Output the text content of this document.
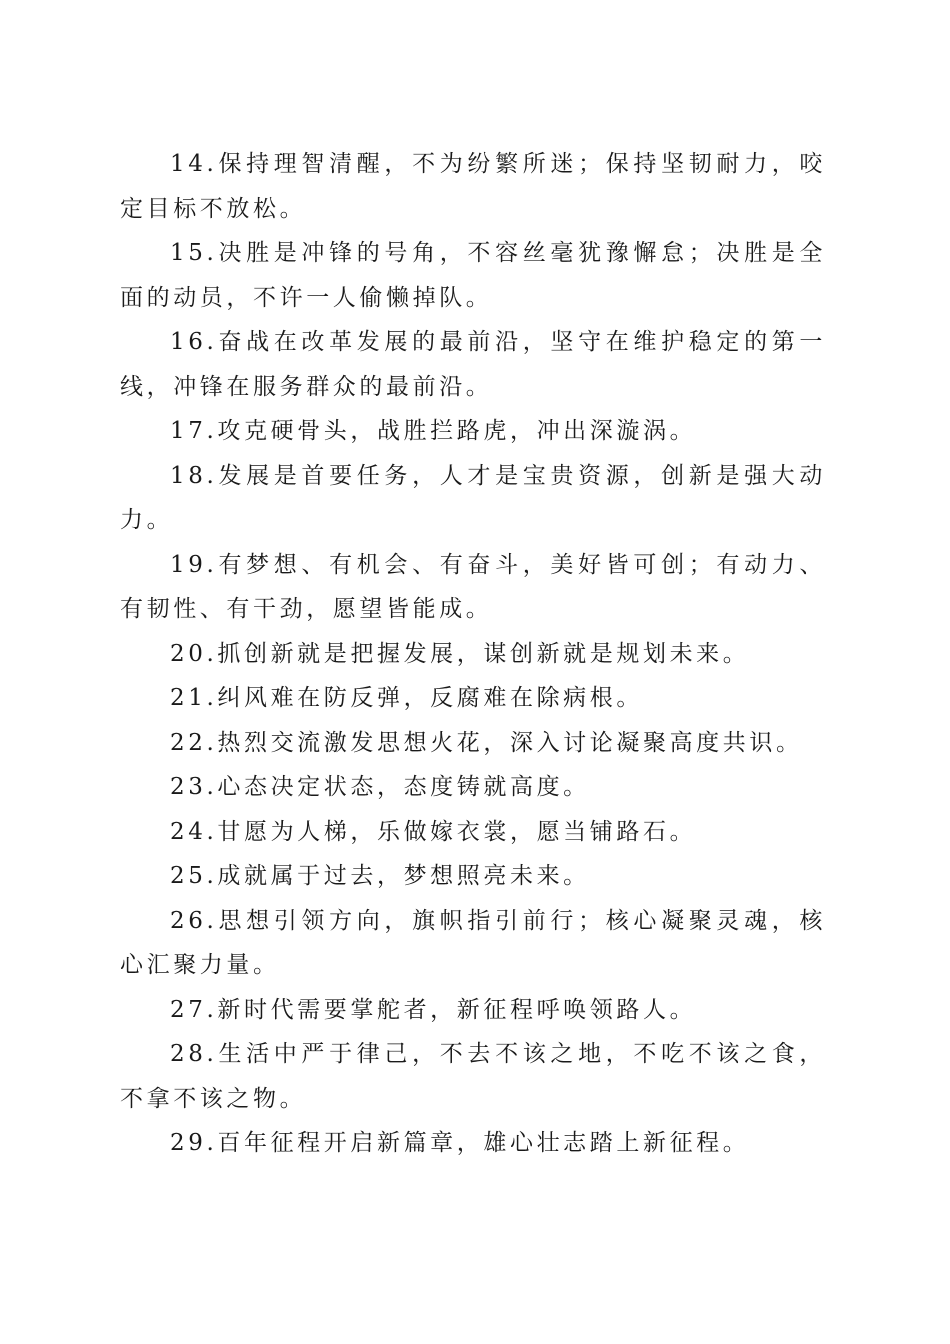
14.保持理智清醒，不为纷繁所迷；保持坚韧耐力，咬定目标不放松。

15.决胜是冲锋的号角，不容丝毫犹豫懈怠；决胜是全面的动员，不许一人偷懒掉队。

16.奋战在改革发展的最前沿，坚守在维护稳定的第一线，冲锋在服务群众的最前沿。

17.攻克硬骨头，战胜拦路虎，冲出深漩涡。

18.发展是首要任务，人才是宝贵资源，创新是强大动力。

19.有梦想、有机会、有奋斗，美好皆可创；有动力、有韧性、有干劲，愿望皆能成。

20.抓创新就是把握发展，谋创新就是规划未来。

21.纠风难在防反弹，反腐难在除病根。

22.热烈交流激发思想火花，深入讨论凝聚高度共识。

23.心态决定状态，态度铸就高度。

24.甘愿为人梯，乐做嫁衣裳，愿当铺路石。

25.成就属于过去，梦想照亮未来。

26.思想引领方向，旗帜指引前行；核心凝聚灵魂，核心汇聚力量。

27.新时代需要掌舵者，新征程呼唤领路人。

28.生活中严于律己，不去不该之地，不吃不该之食，不拿不该之物。

29.百年征程开启新篇章，雄心壮志踏上新征程。
